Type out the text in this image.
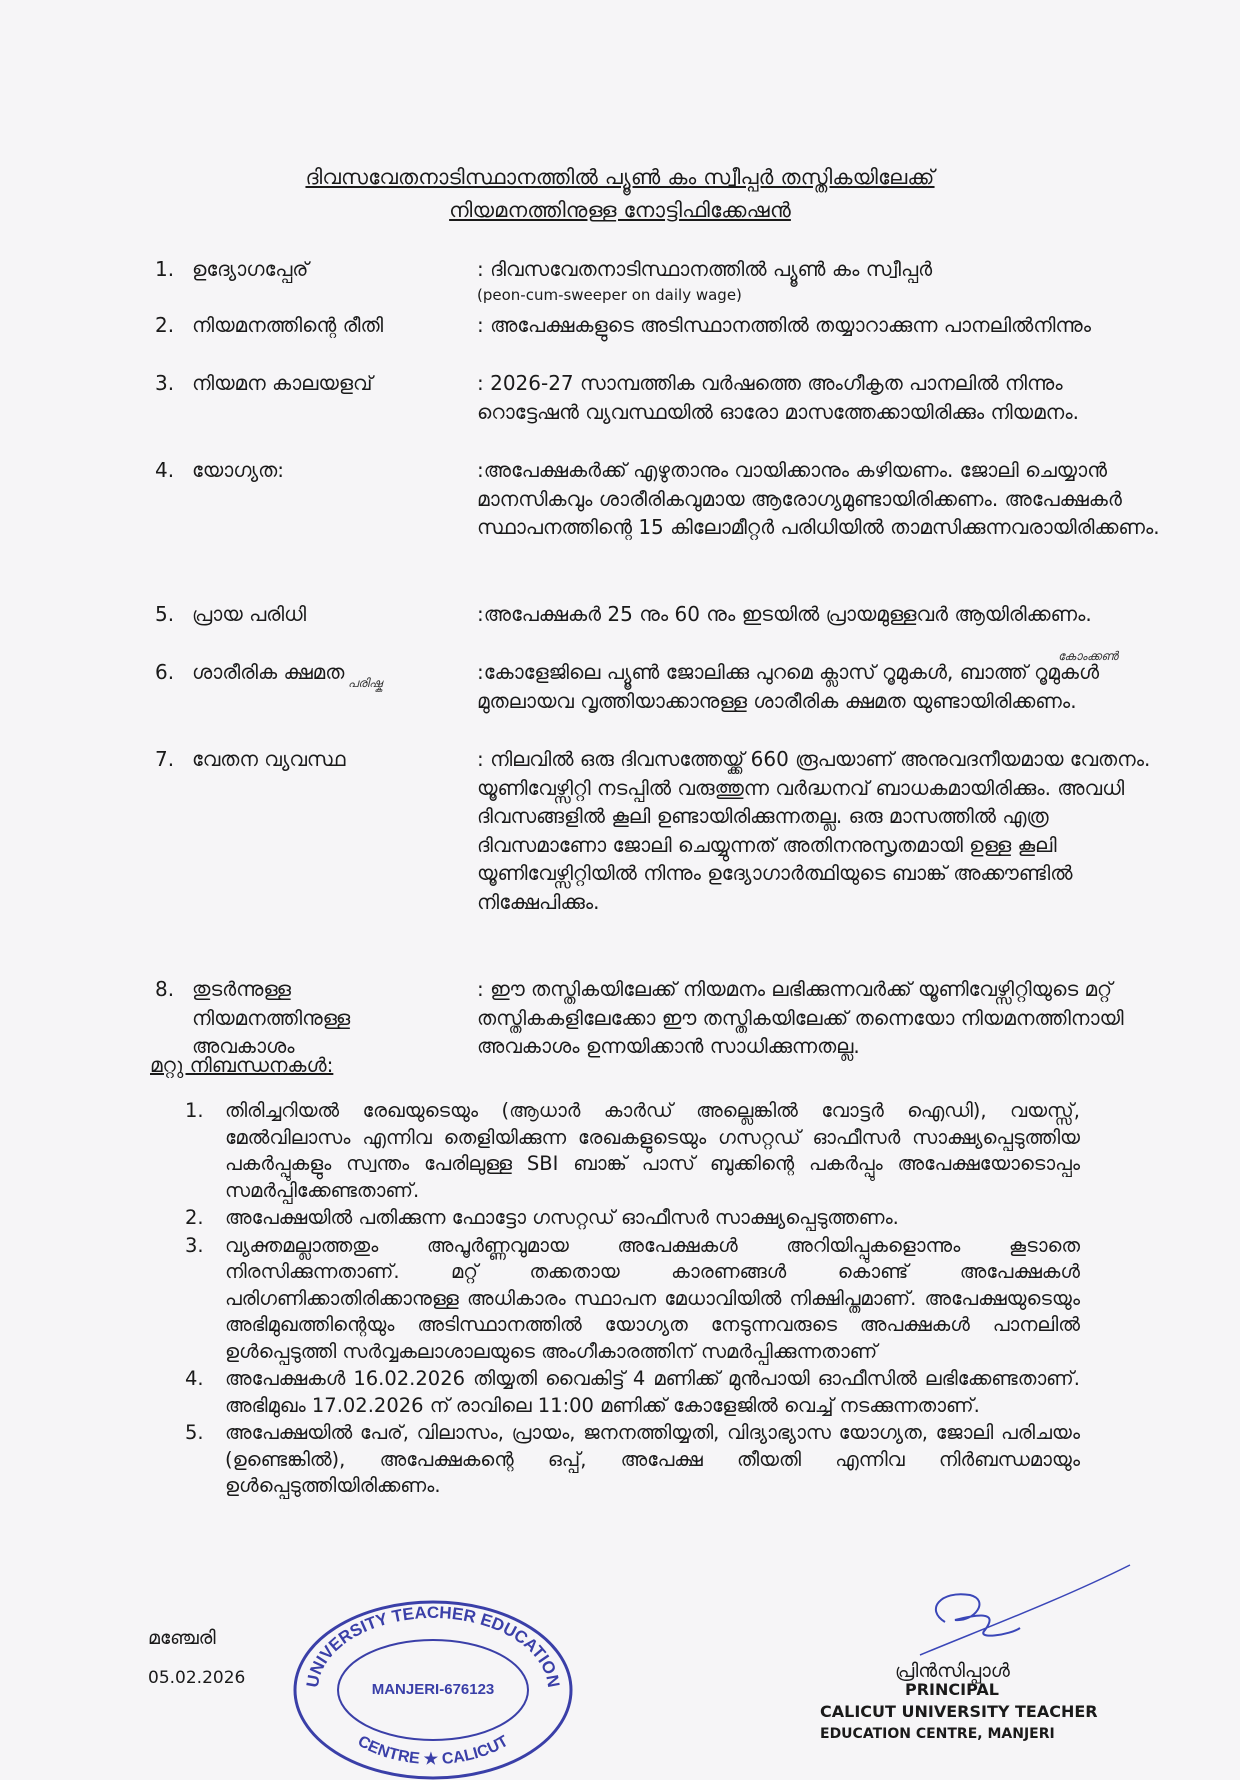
ദിവസവേതനാടിസ്ഥാനത്തിൽ പ്യൂൺ കം സ്വീപ്പർ തസ്തികയിലേക്ക്
നിയമനത്തിനുള്ള നോട്ടിഫിക്കേഷൻ
1. ഉദ്യോഗപ്പേര്	: ദിവസവേതനാടിസ്ഥാനത്തിൽ പ്യൂൺ കം സ്വീപ്പർ
(peon-cum-sweeper on daily wage)
2. നിയമനത്തിന്റെ രീതി	: അപേക്ഷകളുടെ അടിസ്ഥാനത്തിൽ തയ്യാറാക്കുന്ന പാനലിൽനിന്നും
3. നിയമന കാലയളവ്	: 2026-27 സാമ്പത്തിക വർഷത്തെ അംഗീകൃത പാനലിൽ നിന്നും റൊട്ടേഷൻ വ്യവസ്ഥയിൽ ഓരോ മാസത്തേക്കായിരിക്കും നിയമനം.
4. യോഗ്യത:	:അപേക്ഷകർക്ക് എഴുതാനും വായിക്കാനും കഴിയണം. ജോലി ചെയ്യാൻ മാനസികവും ശാരീരികവുമായ ആരോഗ്യമുണ്ടായിരിക്കണം. അപേക്ഷകർ സ്ഥാപനത്തിന്റെ 15 കിലോമീറ്റർ പരിധിയിൽ താമസിക്കുന്നവരായിരിക്കണം.
5. പ്രായ പരിധി	:അപേക്ഷകർ 25 നും 60 നും ഇടയിൽ പ്രായമുള്ളവർ ആയിരിക്കണം.
6. ശാരീരിക ക്ഷമത	:കോളേജിലെ പ്യൂൺ ജോലിക്കു പുറമെ ക്ലാസ് റൂമുകൾ, ബാത്ത് റൂമുകൾ മുതലായവ വൃത്തിയാക്കാനുള്ള ശാരീരിക ക്ഷമത യുണ്ടായിരിക്കണം.
7. വേതന വ്യവസ്ഥ	: നിലവിൽ ഒരു ദിവസത്തേയ്ക്ക് 660 രൂപയാണ് അനുവദനീയമായ വേതനം. യൂണിവേഴ്സിറ്റി നടപ്പിൽ വരുത്തുന്ന വർദ്ധനവ് ബാധകമായിരിക്കും. അവധി ദിവസങ്ങളിൽ കൂലി ഉണ്ടായിരിക്കുന്നതല്ല. ഒരു മാസത്തിൽ എത്ര ദിവസമാണോ ജോലി ചെയ്യുന്നത് അതിനനുസൃതമായി ഉള്ള കൂലി യൂണിവേഴ്സിറ്റിയിൽ നിന്നും ഉദ്യോഗാർത്ഥിയുടെ ബാങ്ക് അക്കൗണ്ടിൽ നിക്ഷേപിക്കും.
8. തുടർന്നുള്ള നിയമനത്തിനുള്ള അവകാശം
: ഈ തസ്തികയിലേക്ക് നിയമനം ലഭിക്കുന്നവർക്ക് യൂണിവേഴ്സിറ്റിയുടെ മറ്റ് തസ്തികകളിലേക്കോ ഈ തസ്തികയിലേക്ക് തന്നെയോ നിയമനത്തിനായി അവകാശം ഉന്നയിക്കാൻ സാധിക്കുന്നതല്ല.
കോംക്കൺ
പരിഷ്ക
മറ്റു നിബന്ധനകൾ:
1.	തിരിച്ചറിയൽ രേഖയുടെയും (ആധാർ കാർഡ് അല്ലെങ്കിൽ വോട്ടർ ഐഡി), വയസ്സ്, മേൽവിലാസം എന്നിവ തെളിയിക്കുന്ന രേഖകളുടെയും ഗസറ്റഡ് ഓഫീസർ സാക്ഷ്യപ്പെടുത്തിയ പകർപ്പുകളും സ്വന്തം പേരിലുള്ള SBI ബാങ്ക് പാസ് ബുക്കിന്റെ പകർപ്പും അപേക്ഷയോടൊപ്പം സമർപ്പിക്കേണ്ടതാണ്.
2.	അപേക്ഷയിൽ പതിക്കുന്ന ഫോട്ടോ ഗസറ്റഡ് ഓഫീസർ സാക്ഷ്യപ്പെടുത്തണം.
3.	വ്യക്തമല്ലാത്തതും അപൂർണ്ണവുമായ അപേക്ഷകൾ അറിയിപ്പുകളൊന്നും കൂടാതെ നിരസിക്കുന്നതാണ്. മറ്റ് തക്കതായ കാരണങ്ങൾ കൊണ്ട് അപേക്ഷകൾ പരിഗണിക്കാതിരിക്കാനുള്ള അധികാരം സ്ഥാപന മേധാവിയിൽ നിക്ഷിപ്തമാണ്. അപേക്ഷയുടെയും അഭിമുഖത്തിന്റെയും അടിസ്ഥാനത്തിൽ യോഗ്യത നേടുന്നവരുടെ അപക്ഷകൾ പാനലിൽ ഉൾപ്പെടുത്തി സർവ്വകലാശാലയുടെ അംഗീകാരത്തിന് സമർപ്പിക്കുന്നതാണ്
4.	അപേക്ഷകൾ 16.02.2026 തിയ്യതി വൈകിട്ട് 4 മണിക്ക് മുൻപായി ഓഫീസിൽ ലഭിക്കേണ്ടതാണ്. അഭിമുഖം 17.02.2026 ന് രാവിലെ 11:00 മണിക്ക് കോളേജിൽ വെച്ച് നടക്കുന്നതാണ്.
5.	അപേക്ഷയിൽ പേര്, വിലാസം, പ്രായം, ജനനത്തിയ്യതി, വിദ്യാഭ്യാസ യോഗ്യത, ജോലി പരിചയം (ഉണ്ടെങ്കിൽ), അപേക്ഷകന്റെ ഒപ്പ്, അപേക്ഷ തീയതി എന്നിവ നിർബന്ധമായും ഉൾപ്പെടുത്തിയിരിക്കണം.
മഞ്ചേരി
05.02.2026	UNIVERSITY TEACHER EDUCATION
MANJERI-676123
CENTRE ★ CALICUT
പ്രിൻസിപ്പാൾ
PRINCIPAL
CALICUT UNIVERSITY TEACHER
EDUCATION CENTRE, MANJERI
